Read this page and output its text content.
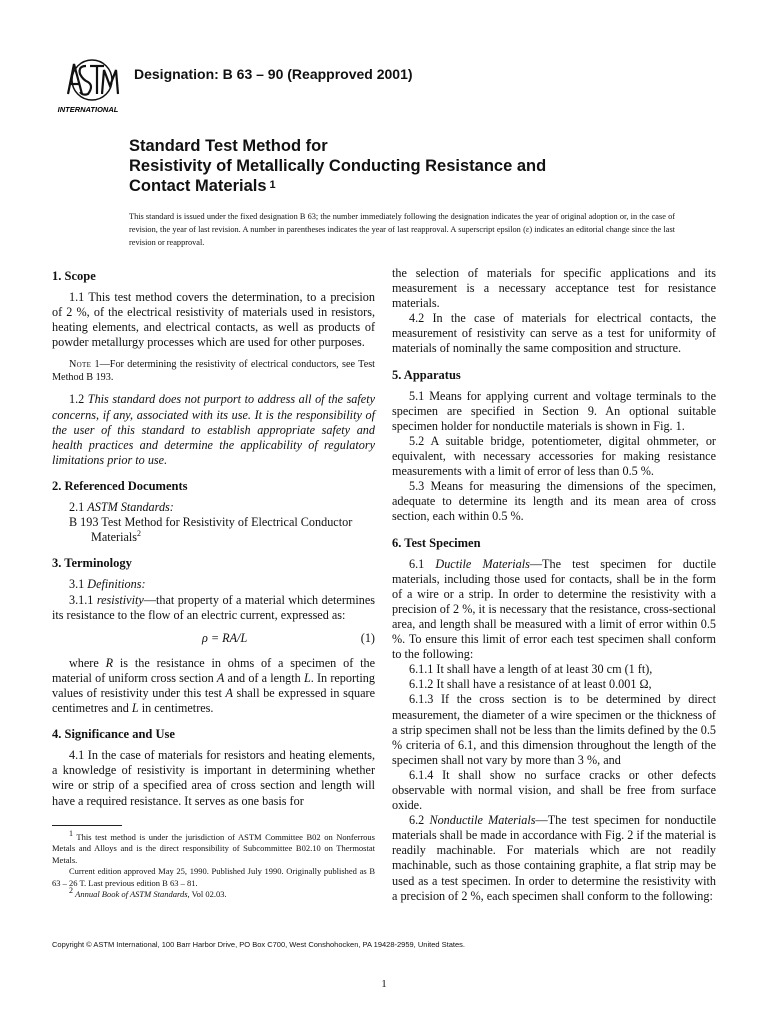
INTERNATIONAL
Designation: B 63 – 90 (Reapproved 2001)
Standard Test Method for
Resistivity of Metallically Conducting Resistance and
Contact Materials $^1$
This standard is issued under the fixed designation B 63; the number immediately following the designation indicates the year of original adoption or, in the case of revision, the year of last revision. A number in parentheses indicates the year of last reapproval. A superscript epsilon (ε) indicates an editorial change since the last revision or reapproval.
1. Scope

1.1 This test method covers the determination, to a precision of 2 %, of the electrical resistivity of materials used in resistors, heating elements, and electrical contacts, as well as products of powder metallurgy processes which are used for other purposes.

Note 1—For determining the resistivity of electrical conductors, see Test Method B 193.

1.2 This standard does not purport to address all of the safety concerns, if any, associated with its use. It is the responsibility of the user of this standard to establish appropriate safety and health practices and determine the applicability of regulatory limitations prior to use.

2. Referenced Documents

2.1 ASTM Standards:

B 193 Test Method for Resistivity of Electrical Conductor

Materials$^2$

3. Terminology

3.1 Definitions:

3.1.1 resistivity—that property of a material which determines its resistance to the flow of an electric current, expressed as:

ρ = RA/L	(1)

where R is the resistance in ohms of a specimen of the material of uniform cross section A and of a length L. In reporting values of resistivity under this test A shall be expressed in square centimetres and L in centimetres.

4. Significance and Use

4.1 In the case of materials for resistors and heating elements, a knowledge of resistivity is important in determining whether wire or strip of a specified area of cross section and length will have a required resistance. It serves as one basis for

$^1$ This test method is under the jurisdiction of ASTM Committee B02 on Nonferrous Metals and Alloys and is the direct responsibility of Subcommittee B02.10 on Thermostat Metals.

Current edition approved May 25, 1990. Published July 1990. Originally published as B 63 – 26 T. Last previous edition B 63 – 81.

$^2$ Annual Book of ASTM Standards, Vol 02.03.

the selection of materials for specific applications and its measurement is a necessary acceptance test for resistance materials.

4.2 In the case of materials for electrical contacts, the measurement of resistivity can serve as a test for uniformity of materials of nominally the same composition and structure.

5. Apparatus

5.1 Means for applying current and voltage terminals to the specimen are specified in Section 9. An optional suitable specimen holder for nonductile materials is shown in Fig. 1.

5.2 A suitable bridge, potentiometer, digital ohmmeter, or equivalent, with necessary accessories for making resistance measurements with a limit of error of less than 0.5 %.

5.3 Means for measuring the dimensions of the specimen, adequate to determine its length and its mean area of cross section, each within 0.5 %.

6. Test Specimen

6.1 Ductile Materials—The test specimen for ductile materials, including those used for contacts, shall be in the form of a wire or a strip. In order to determine the resistivity with a precision of 2 %, it is necessary that the resistance, cross-sectional area, and length shall be measured with a limit of error within 0.5 %. To ensure this limit of error each test specimen shall conform to the following:

6.1.1 It shall have a length of at least 30 cm (1 ft),

6.1.2 It shall have a resistance of at least 0.001 Ω,

6.1.3 If the cross section is to be determined by direct measurement, the diameter of a wire specimen or the thickness of a strip specimen shall not be less than the limits defined by the 0.5 % criteria of 6.1, and this dimension throughout the length of the specimen shall not vary by more than 3 %, and

6.1.4 It shall show no surface cracks or other defects observable with normal vision, and shall be free from surface oxide.

6.2 Nonductile Materials—The test specimen for nonductile materials shall be made in accordance with Fig. 2 if the material is readily machinable. For materials which are not readily machinable, such as those containing graphite, a flat strip may be used as a test specimen. In order to determine the resistivity with a precision of 2 %, each specimen shall conform to the following:

Copyright © ASTM International, 100 Barr Harbor Drive, PO Box C700, West Conshohocken, PA 19428-2959, United States.
1
